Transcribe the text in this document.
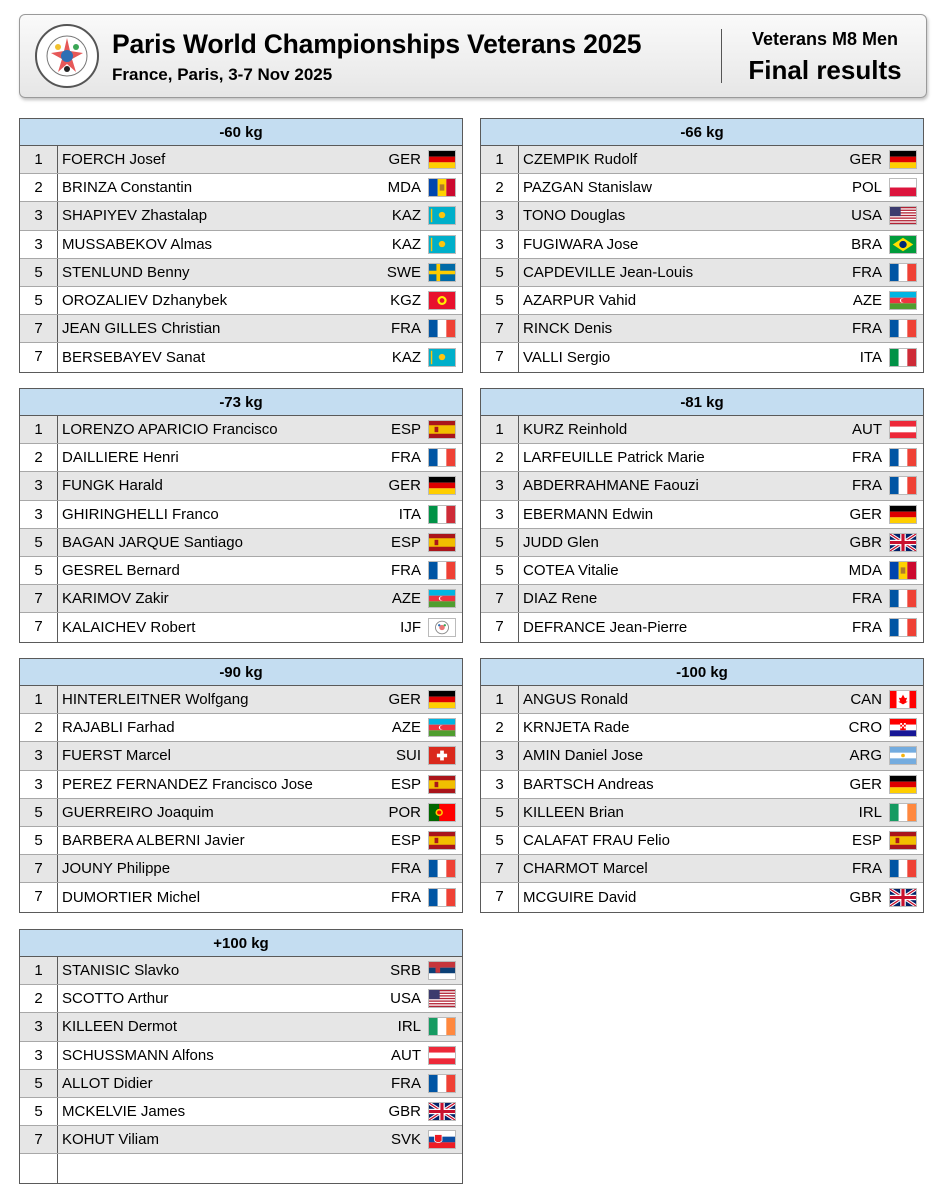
Paris World Championships Veterans 2025
France, Paris, 3-7 Nov 2025
Veterans M8 Men
Final results
-60 kg
1	FOERCH Josef	GER
2	BRINZA Constantin	MDA
3	SHAPIYEV Zhastalap	KAZ
3	MUSSABEKOV Almas	KAZ
5	STENLUND Benny	SWE
5	OROZALIEV Dzhanybek	KGZ
7	JEAN GILLES Christian	FRA
7	BERSEBAYEV Sanat	KAZ
-66 kg
1	CZEMPIK Rudolf	GER
2	PAZGAN Stanislaw	POL
3	TONO Douglas	USA
3	FUGIWARA Jose	BRA
5	CAPDEVILLE Jean-Louis	FRA
5	AZARPUR Vahid	AZE
7	RINCK Denis	FRA
7	VALLI Sergio	ITA
-73 kg
1	LORENZO APARICIO Francisco	ESP
2	DAILLIERE Henri	FRA
3	FUNGK Harald	GER
3	GHIRINGHELLI Franco	ITA
5	BAGAN JARQUE Santiago	ESP
5	GESREL Bernard	FRA
7	KARIMOV Zakir	AZE
7	KALAICHEV Robert	IJF
-81 kg
1	KURZ Reinhold	AUT
2	LARFEUILLE Patrick Marie	FRA
3	ABDERRAHMANE Faouzi	FRA
3	EBERMANN Edwin	GER
5	JUDD Glen	GBR
5	COTEA Vitalie	MDA
7	DIAZ Rene	FRA
7	DEFRANCE Jean-Pierre	FRA
-90 kg
1	HINTERLEITNER Wolfgang	GER
2	RAJABLI Farhad	AZE
3	FUERST Marcel	SUI
3	PEREZ FERNANDEZ Francisco Jose	ESP
5	GUERREIRO Joaquim	POR
5	BARBERA ALBERNI Javier	ESP
7	JOUNY Philippe	FRA
7	DUMORTIER Michel	FRA
-100 kg
1	ANGUS Ronald	CAN
2	KRNJETA Rade	CRO
3	AMIN Daniel Jose	ARG
3	BARTSCH Andreas	GER
5	KILLEEN Brian	IRL
5	CALAFAT FRAU Felio	ESP
7	CHARMOT Marcel	FRA
7	MCGUIRE David	GBR
+100 kg
1	STANISIC Slavko	SRB
2	SCOTTO Arthur	USA
3	KILLEEN Dermot	IRL
3	SCHUSSMANN Alfons	AUT
5	ALLOT Didier	FRA
5	MCKELVIE James	GBR
7	KOHUT Viliam	SVK
